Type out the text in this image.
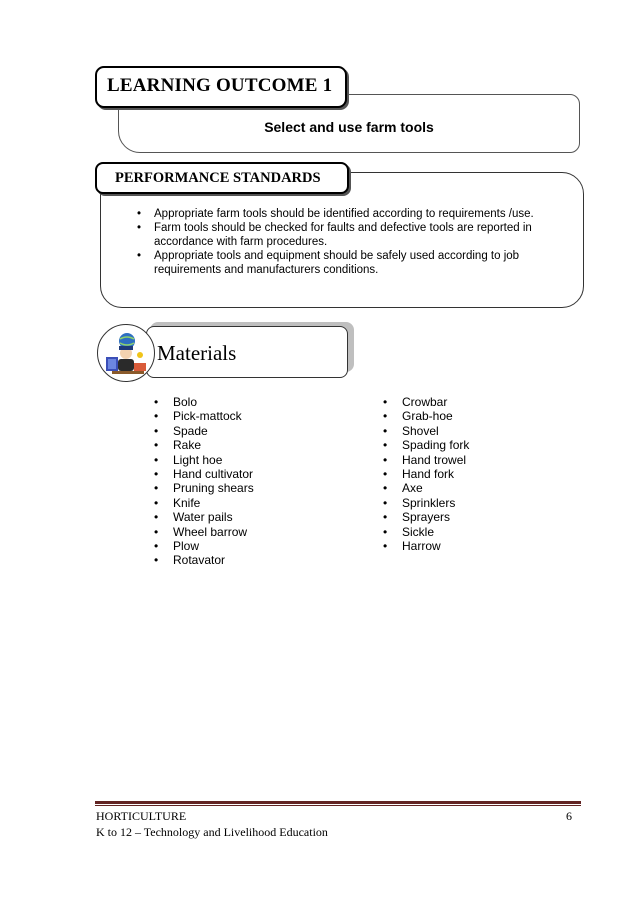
Select and use farm tools
LEARNING OUTCOME 1
• Appropriate farm tools should be identified according to requirements /use.
• Farm tools should be checked for faults and defective tools are reported in accordance with farm procedures.
• Appropriate tools and equipment should be safely used according to job requirements and manufacturers conditions.
PERFORMANCE STANDARDS
Materials
• Bolo
• Pick-mattock
• Spade
• Rake
• Light hoe
• Hand cultivator
• Pruning shears
• Knife
• Water pails
• Wheel barrow
• Plow
• Rotavator
• Crowbar
• Grab-hoe
• Shovel
• Spading fork
• Hand trowel
• Hand fork
• Axe
• Sprinklers
• Sprayers
• Sickle
• Harrow
HORTICULTURE	6
K to 12 – Technology and Livelihood Education
